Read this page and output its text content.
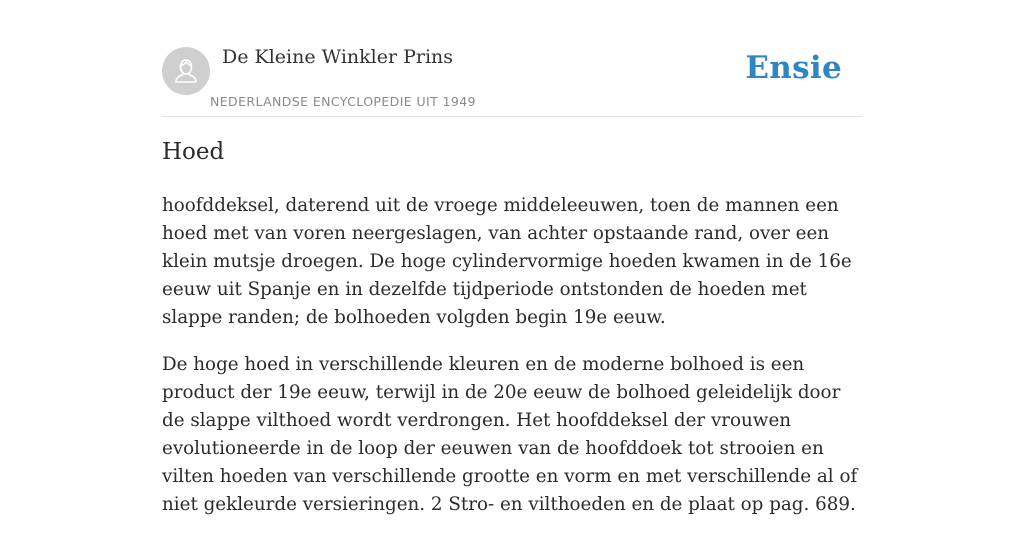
De Kleine Winkler Prins
NEDERLANDSE ENCYCLOPEDIE UIT 1949
Ensie
Hoed

hoofddeksel, daterend uit de vroege middeleeuwen, toen de mannen een hoed met van voren neergeslagen, van achter opstaande rand, over een klein mutsje droegen. De hoge cylindervormige hoeden kwamen in de 16e eeuw uit Spanje en in dezelfde tijdperiode ontstonden de hoeden met slappe randen; de bolhoeden volgden begin 19e eeuw.

De hoge hoed in verschillende kleuren en de moderne bolhoed is een product der 19e eeuw, terwijl in de 20e eeuw de bolhoed geleidelijk door de slappe vilthoed wordt verdrongen. Het hoofddeksel der vrouwen evolutioneerde in de loop der eeuwen van de hoofddoek tot strooien en vilten hoeden van verschillende grootte en vorm en met verschillende al of niet gekleurde versieringen. 2 Stro- en vilthoeden en de plaat op pag. 689.
